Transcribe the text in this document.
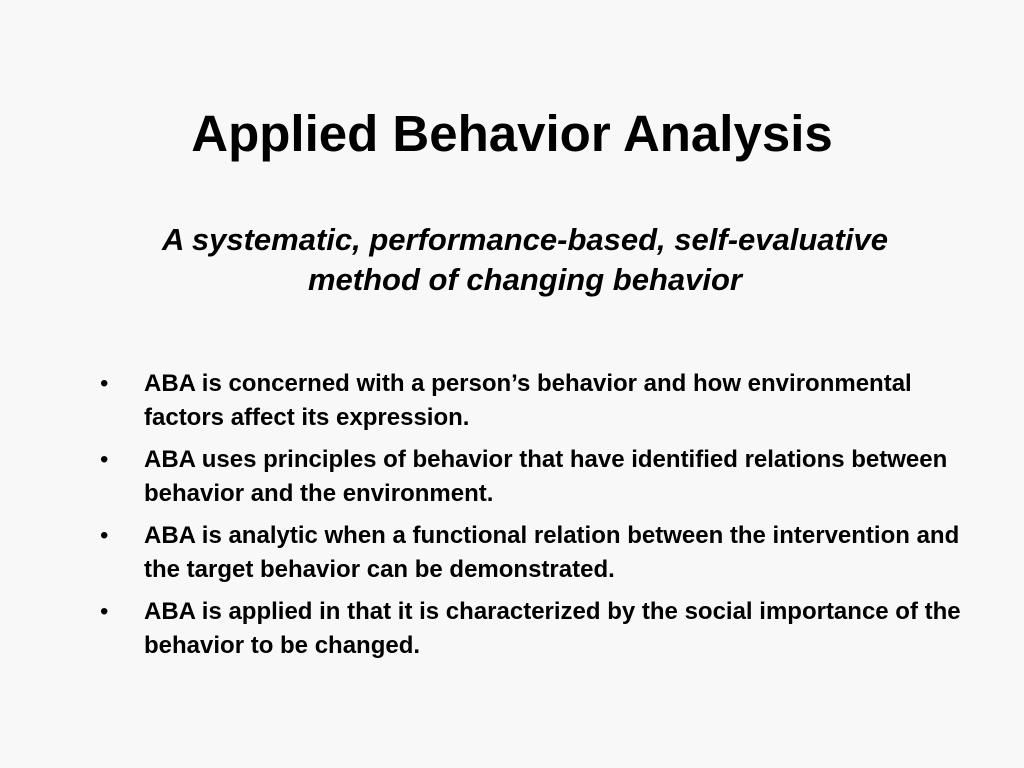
Applied Behavior Analysis

A systematic, performance-based, self-evaluative method of changing behavior

•	ABA is concerned with a person’s behavior and how environmental factors affect its expression.
•	ABA uses principles of behavior that have identified relations between behavior and the environment.
•	ABA is analytic when a functional relation between the intervention and the target behavior can be demonstrated.
•	ABA is applied in that it is characterized by the social importance of the behavior to be changed.
